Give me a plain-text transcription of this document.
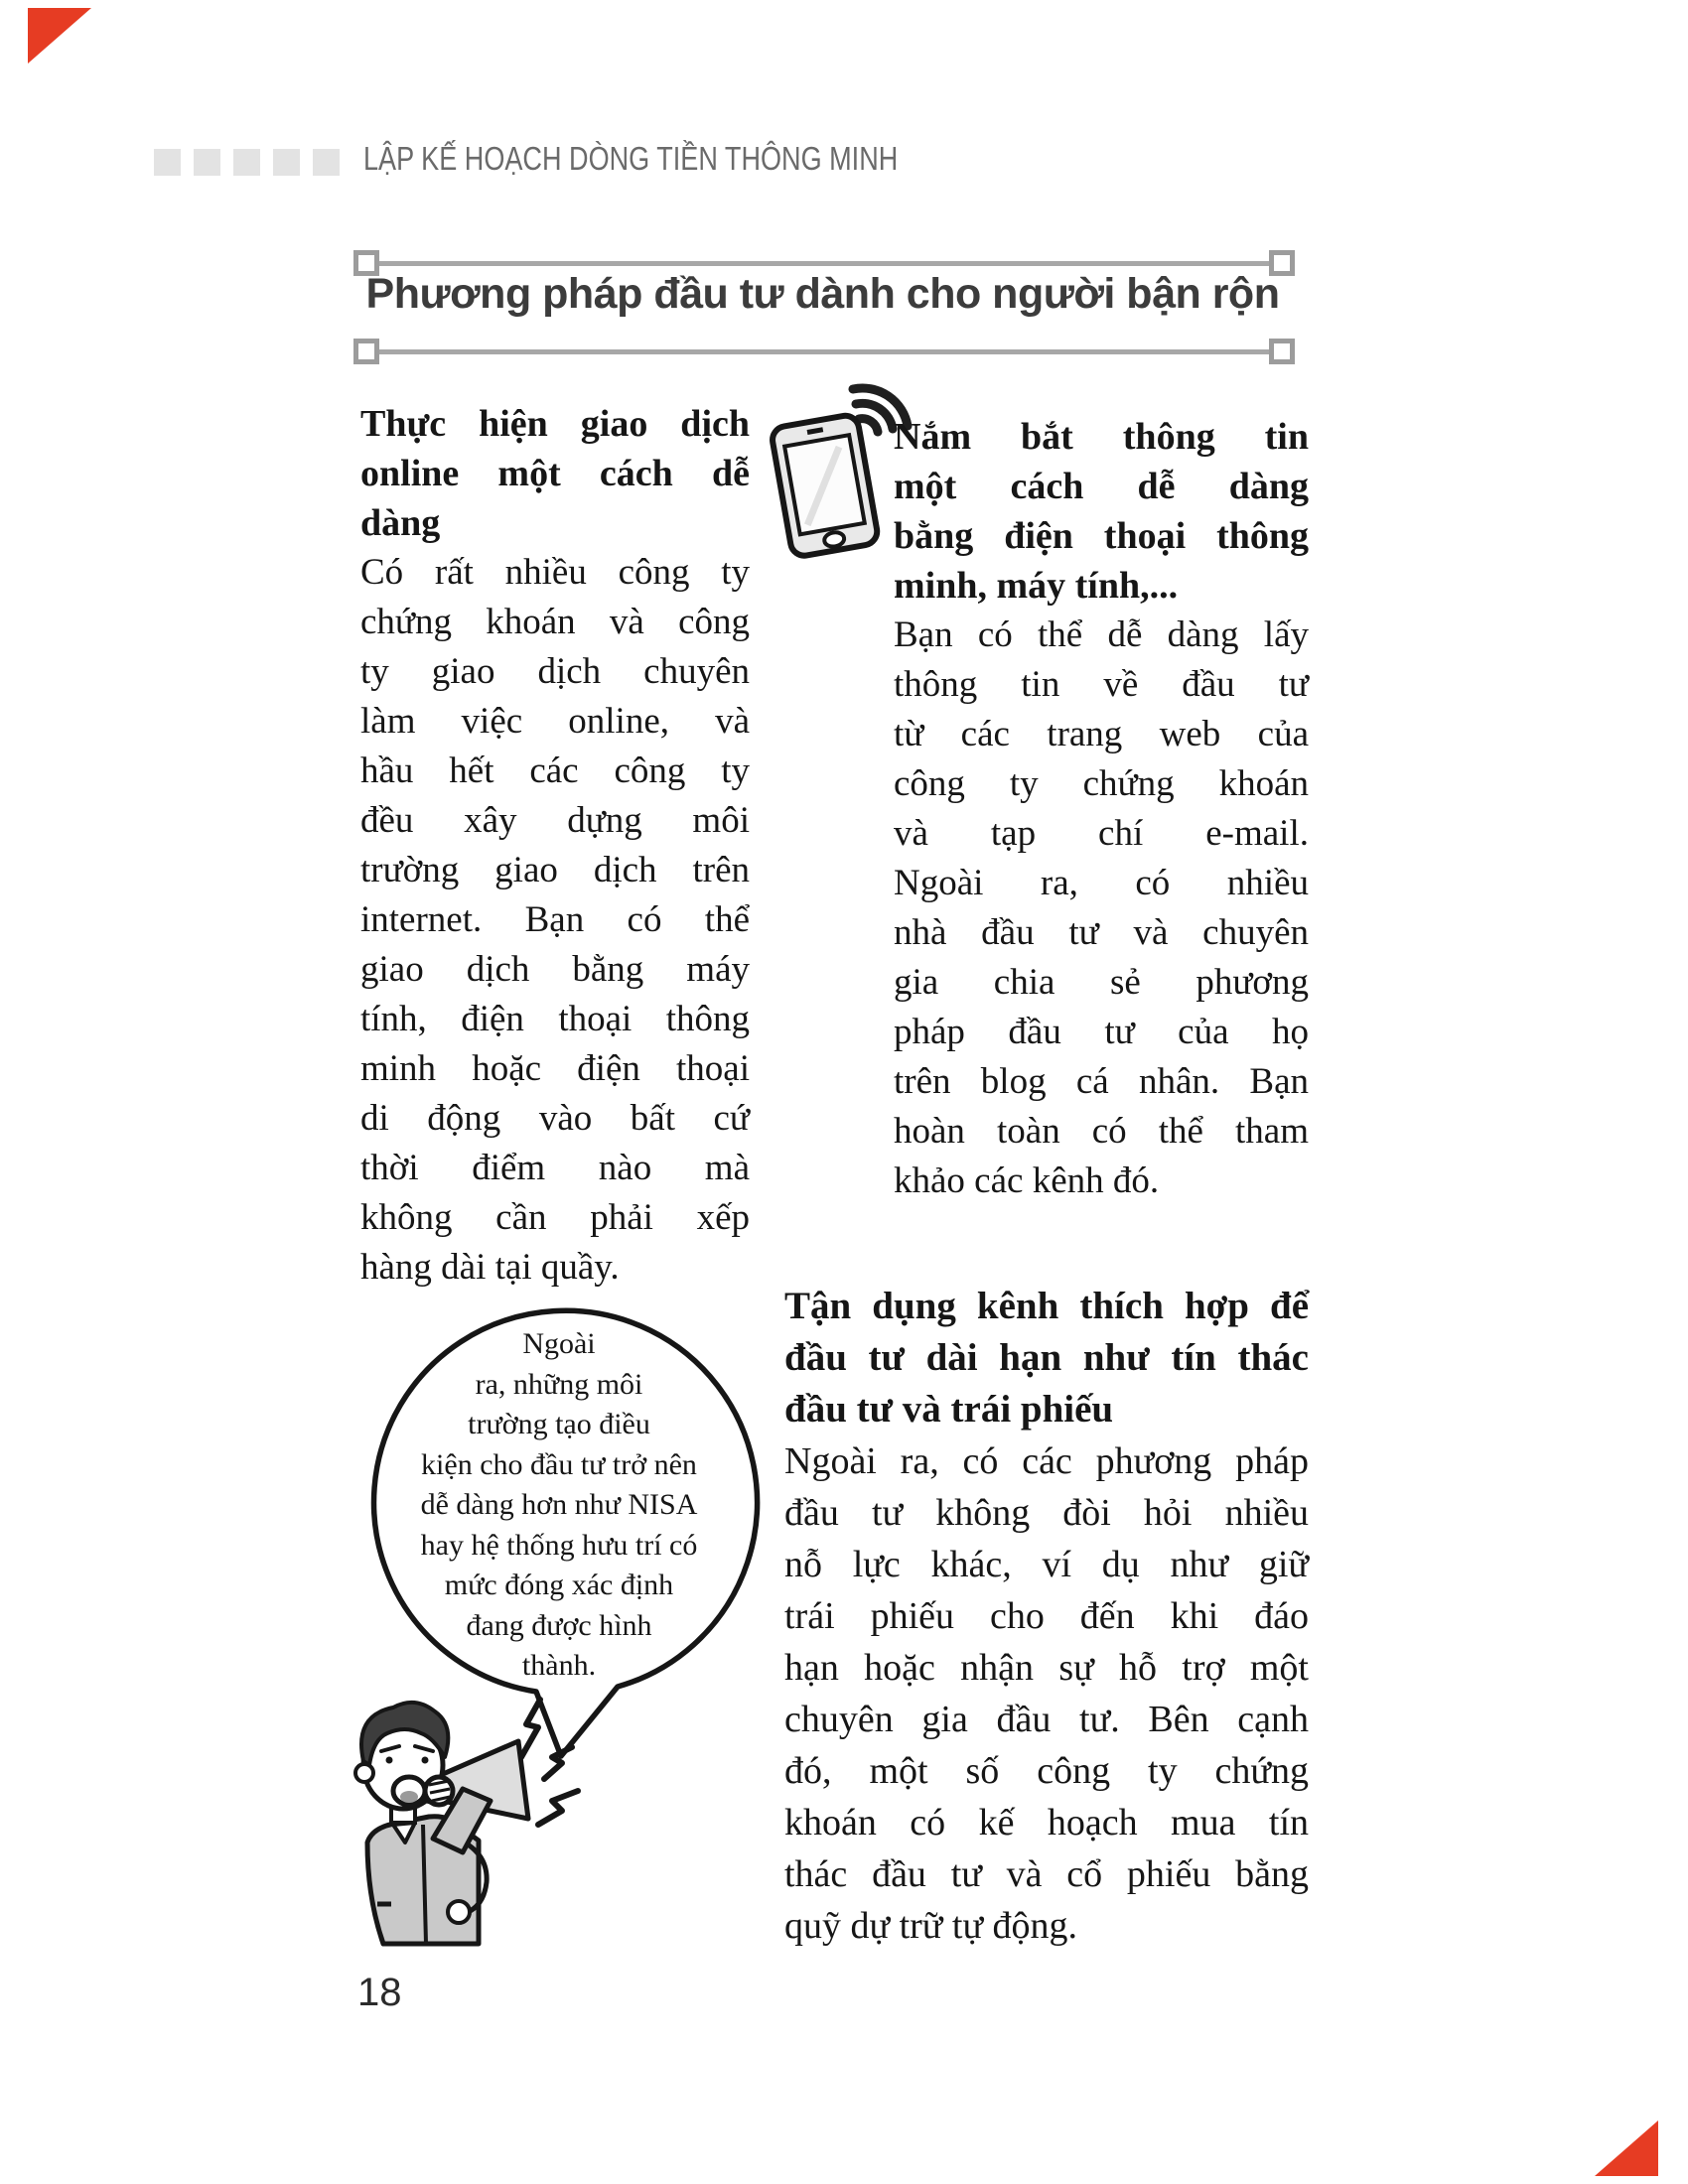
LẬP KẾ HOẠCH DÒNG TIỀN THÔNG MINH
Phương pháp đầu tư dành cho người bận rộn
Thực hiện giao dịch
online một cách dễ
dàng
Có rất nhiều công ty
chứng khoán và công
ty giao dịch chuyên
làm việc online, và
hầu hết các công ty
đều xây dựng môi
trường giao dịch trên
internet. Bạn có thể
giao dịch bằng máy
tính, điện thoại thông
minh hoặc điện thoại
di động vào bất cứ
thời điểm nào mà
không cần phải xếp
hàng dài tại quầy.
Nắm bắt thông tin
một cách dễ dàng
bằng điện thoại thông
minh, máy tính,...
Bạn có thể dễ dàng lấy
thông tin về đầu tư
từ các trang web của
công ty chứng khoán
và tạp chí e-mail.
Ngoài ra, có nhiều
nhà đầu tư và chuyên
gia chia sẻ phương
pháp đầu tư của họ
trên blog cá nhân. Bạn
hoàn toàn có thể tham
khảo các kênh đó.
Tận dụng kênh thích hợp để
đầu tư dài hạn như tín thác
đầu tư và trái phiếu
Ngoài ra, có các phương pháp
đầu tư không đòi hỏi nhiều
nỗ lực khác, ví dụ như giữ
trái phiếu cho đến khi đáo
hạn hoặc nhận sự hỗ trợ một
chuyên gia đầu tư. Bên cạnh
đó, một số công ty chứng
khoán có kế hoạch mua tín
thác đầu tư và cổ phiếu bằng
quỹ dự trữ tự động.
Ngoài
ra, những môi
trường tạo điều
kiện cho đầu tư trở nên
dễ dàng hơn như NISA
hay hệ thống hưu trí có
mức đóng xác định
đang được hình
thành.
18
